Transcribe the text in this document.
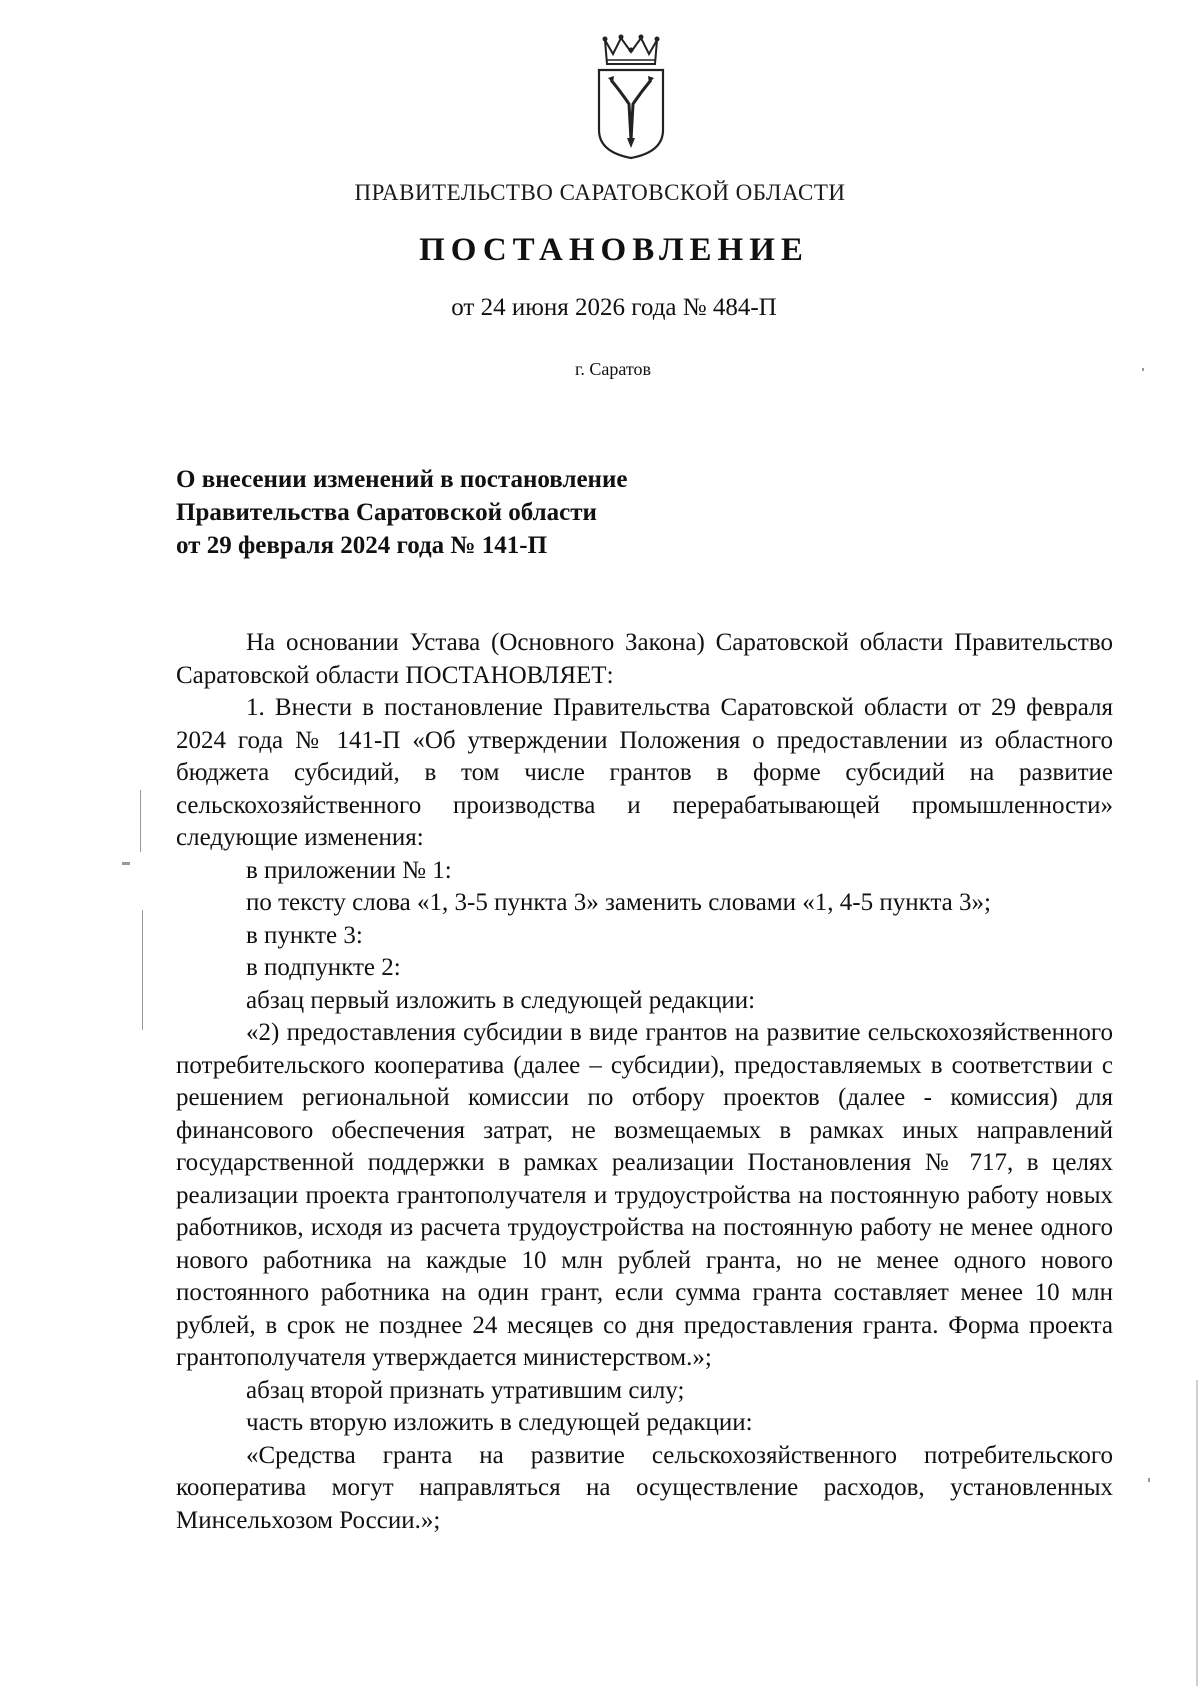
ПРАВИТЕЛЬСТВО САРАТОВСКОЙ ОБЛАСТИ
ПОСТАНОВЛЕНИЕ
от 24 июня 2026 года № 484-П
г. Саратов
О внесении изменений в постановление
Правительства Саратовской области
от 29 февраля 2024 года № 141-П

На основании Устава (Основного Закона) Саратовской области Правительство Саратовской области ПОСТАНОВЛЯЕТ:

1. Внести в постановление Правительства Саратовской области от 29 февраля 2024 года № 141-П «Об утверждении Положения о предоставлении из областного бюджета субсидий, в том числе грантов в форме субсидий на развитие сельскохозяйственного производства и перерабатывающей промышленности» следующие изменения:

в приложении № 1:

по тексту слова «1, 3-5 пункта 3» заменить словами «1, 4-5 пункта 3»;

в пункте 3:

в подпункте 2:

абзац первый изложить в следующей редакции:

«2) предоставления субсидии в виде грантов на развитие сельскохозяйственного потребительского кооператива (далее – субсидии), предоставляемых в соответствии с решением региональной комиссии по отбору проектов (далее - комиссия) для финансового обеспечения затрат, не возмещаемых в рамках иных направлений государственной поддержки в рамках реализации Постановления № 717, в целях реализации проекта грантополучателя и трудоустройства на постоянную работу новых работников, исходя из расчета трудоустройства на постоянную работу не менее одного нового работника на каждые 10 млн рублей гранта, но не менее одного нового постоянного работника на один грант, если сумма гранта составляет менее 10 млн рублей, в срок не позднее 24 месяцев со дня предоставления гранта. Форма проекта грантополучателя утверждается министерством.»;

абзац второй признать утратившим силу;

часть вторую изложить в следующей редакции:

«Средства гранта на развитие сельскохозяйственного потребительского кооператива могут направляться на осуществление расходов, установленных Минсельхозом России.»;
